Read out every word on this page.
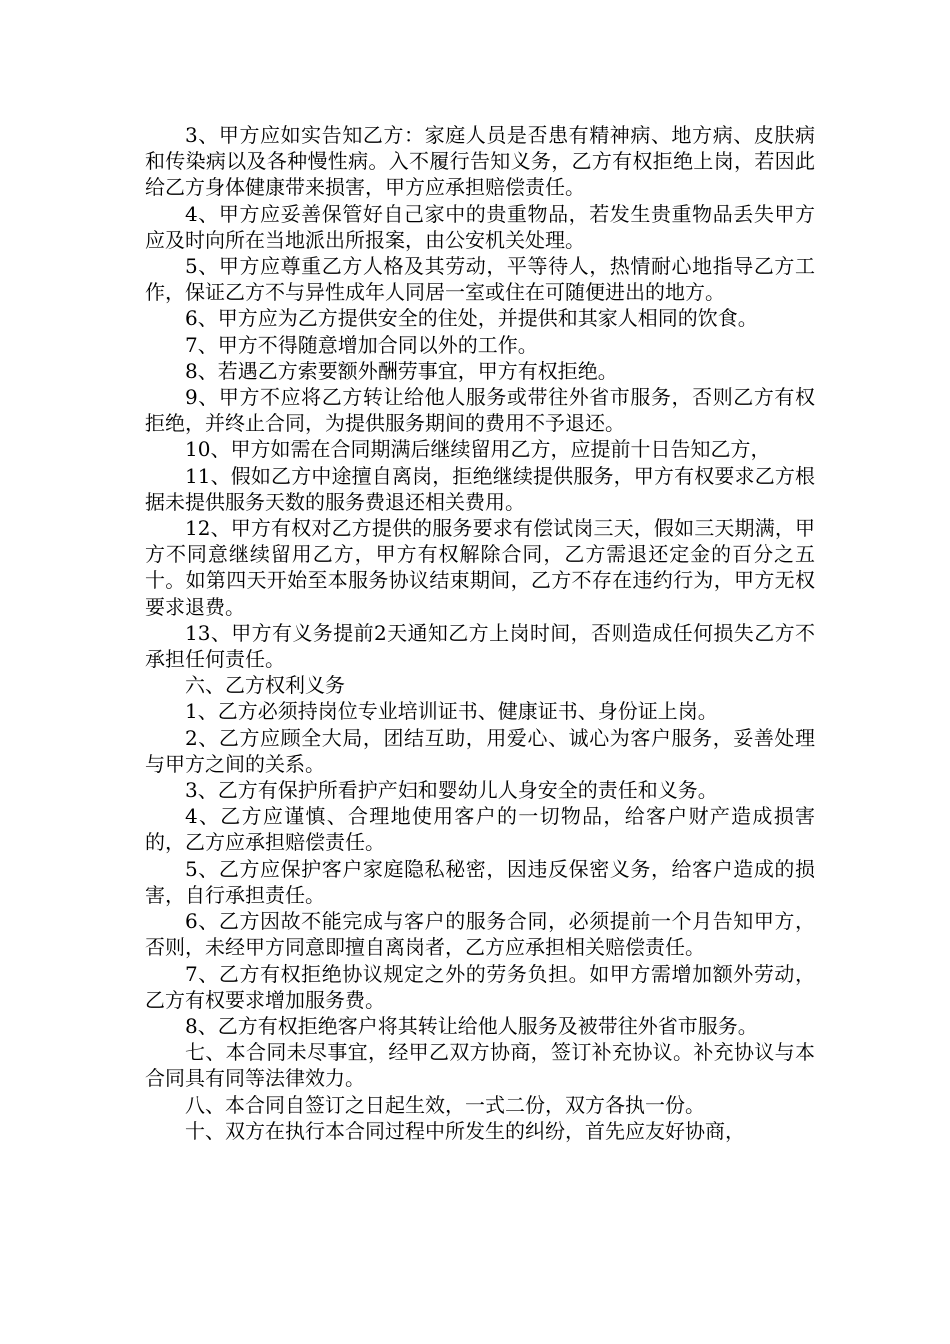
3、甲方应如实告知乙方：家庭人员是否患有精神病、地方病、皮肤病和传染病以及各种慢性病。入不履行告知义务，乙方有权拒绝上岗，若因此给乙方身体健康带来损害，甲方应承担赔偿责任。

4、甲方应妥善保管好自己家中的贵重物品，若发生贵重物品丢失甲方应及时向所在当地派出所报案，由公安机关处理。

5、甲方应尊重乙方人格及其劳动，平等待人，热情耐心地指导乙方工作，保证乙方不与异性成年人同居一室或住在可随便进出的地方。

6、甲方应为乙方提供安全的住处，并提供和其家人相同的饮食。

7、甲方不得随意增加合同以外的工作。

8、若遇乙方索要额外酬劳事宜，甲方有权拒绝。

9、甲方不应将乙方转让给他人服务或带往外省市服务，否则乙方有权拒绝，并终止合同，为提供服务期间的费用不予退还。

10、甲方如需在合同期满后继续留用乙方，应提前十日告知乙方，

11、假如乙方中途擅自离岗，拒绝继续提供服务，甲方有权要求乙方根据未提供服务天数的服务费退还相关费用。

12、甲方有权对乙方提供的服务要求有偿试岗三天，假如三天期满，甲方不同意继续留用乙方，甲方有权解除合同，乙方需退还定金的百分之五十。如第四天开始至本服务协议结束期间，乙方不存在违约行为，甲方无权要求退费。

13、甲方有义务提前2天通知乙方上岗时间，否则造成任何损失乙方不承担任何责任。

六、乙方权利义务

1、乙方必须持岗位专业培训证书、健康证书、身份证上岗。

2、乙方应顾全大局，团结互助，用爱心、诚心为客户服务，妥善处理与甲方之间的关系。

3、乙方有保护所看护产妇和婴幼儿人身安全的责任和义务。

4、乙方应谨慎、合理地使用客户的一切物品，给客户财产造成损害的，乙方应承担赔偿责任。

5、乙方应保护客户家庭隐私秘密，因违反保密义务，给客户造成的损害，自行承担责任。

6、乙方因故不能完成与客户的服务合同，必须提前一个月告知甲方，否则，未经甲方同意即擅自离岗者，乙方应承担相关赔偿责任。

7、乙方有权拒绝协议规定之外的劳务负担。如甲方需增加额外劳动，乙方有权要求增加服务费。

8、乙方有权拒绝客户将其转让给他人服务及被带往外省市服务。

七、本合同未尽事宜，经甲乙双方协商，签订补充协议。补充协议与本合同具有同等法律效力。

八、本合同自签订之日起生效，一式二份，双方各执一份。

十、双方在执行本合同过程中所发生的纠纷，首先应友好协商，
